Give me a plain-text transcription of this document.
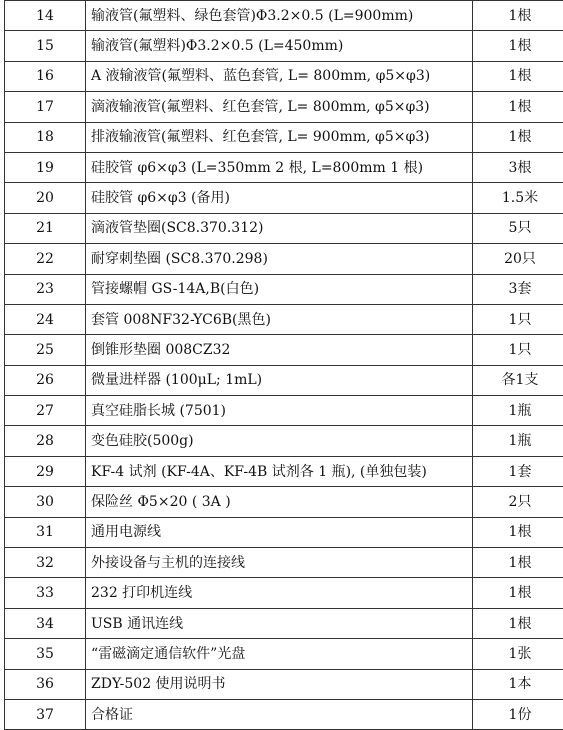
14	输液管(氟塑料、绿色套管)Φ3.2×0.5 (L=900mm)	1根
15	输液管(氟塑料)Φ3.2×0.5 (L=450mm)	1根
16	A 液输液管(氟塑料、蓝色套管, L= 800mm, φ5×φ3)	1根
17	滴液输液管(氟塑料、红色套管, L= 800mm, φ5×φ3)	1根
18	排液输液管(氟塑料、红色套管, L= 900mm, φ5×φ3)	1根
19	硅胶管 φ6×φ3 (L=350mm 2 根, L=800mm 1 根)	3根
20	硅胶管 φ6×φ3 (备用)	1.5米
21	滴液管垫圈(SC8.370.312)	5只
22	耐穿刺垫圈 (SC8.370.298)	20只
23	管接螺帽 GS-14A,B(白色)	3套
24	套管 008NF32-YC6B(黑色)	1只
25	倒锥形垫圈 008CZ32	1只
26	微量进样器 (100μL; 1mL)	各1支
27	真空硅脂长城 (7501)	1瓶
28	变色硅胶(500g)	1瓶
29	KF-4 试剂 (KF-4A、KF-4B 试剂各 1 瓶), (单独包装)	1套
30	保险丝 Φ5×20 ( 3A )	2只
31	通用电源线	1根
32	外接设备与主机的连接线	1根
33	232 打印机连线	1根
34	USB 通讯连线	1根
35	“雷磁滴定通信软件”光盘	1张
36	ZDY-502 使用说明书	1本
37	合格证	1份
